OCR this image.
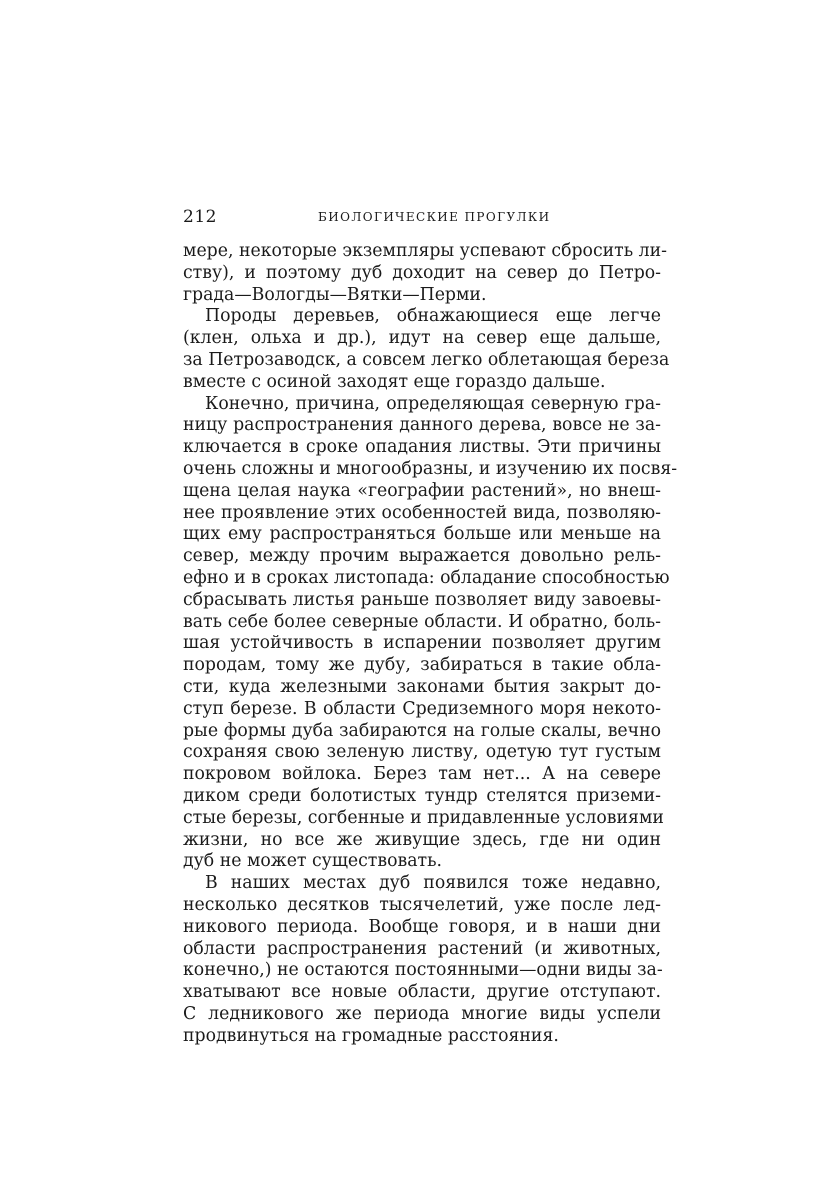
212	БИОЛОГИЧЕСКИЕ ПРОГУЛКИ
мере, некоторые экземпляры успевают сбросить ли-
ству), и поэтому дуб доходит на север до Петро-
града—Вологды—Вятки—Перми.
Породы деревьев, обнажающиеся еще легче
(клен, ольха и др.), идут на север еще дальше,
за Петрозаводск, а совсем легко облетающая береза
вместе с осиной заходят еще гораздо дальше.
Конечно, причина, определяющая северную гра-
ницу распространения данного дерева, вовсе не за-
ключается в сроке опадания листвы. Эти причины
очень сложны и многообразны, и изучению их посвя-
щена целая наука «географии растений», но внеш-
нее проявление этих особенностей вида, позволяю-
щих ему распространяться больше или меньше на
север, между прочим выражается довольно рель-
ефно и в сроках листопада: обладание способностью
сбрасывать листья раньше позволяет виду завоевы-
вать себе более северные области. И обратно, боль-
шая устойчивость в испарении позволяет другим
породам, тому же дубу, забираться в такие обла-
сти, куда железными законами бытия закрыт до-
ступ березе. В области Средиземного моря некото-
рые формы дуба забираются на голые скалы, вечно
сохраняя свою зеленую листву, одетую тут густым
покровом войлока. Берез там нет... А на севере
диком среди болотистых тундр стелятся приземи-
стые березы, согбенные и придавленные условиями
жизни, но все же живущие здесь, где ни один
дуб не может существовать.
В наших местах дуб появился тоже недавно,
несколько десятков тысячелетий, уже после лед-
никового периода. Вообще говоря, и в наши дни
области распространения растений (и животных,
конечно,) не остаются постоянными—одни виды за-
хватывают все новые области, другие отступают.
С ледникового же периода многие виды успели
продвинуться на громадные расстояния.
